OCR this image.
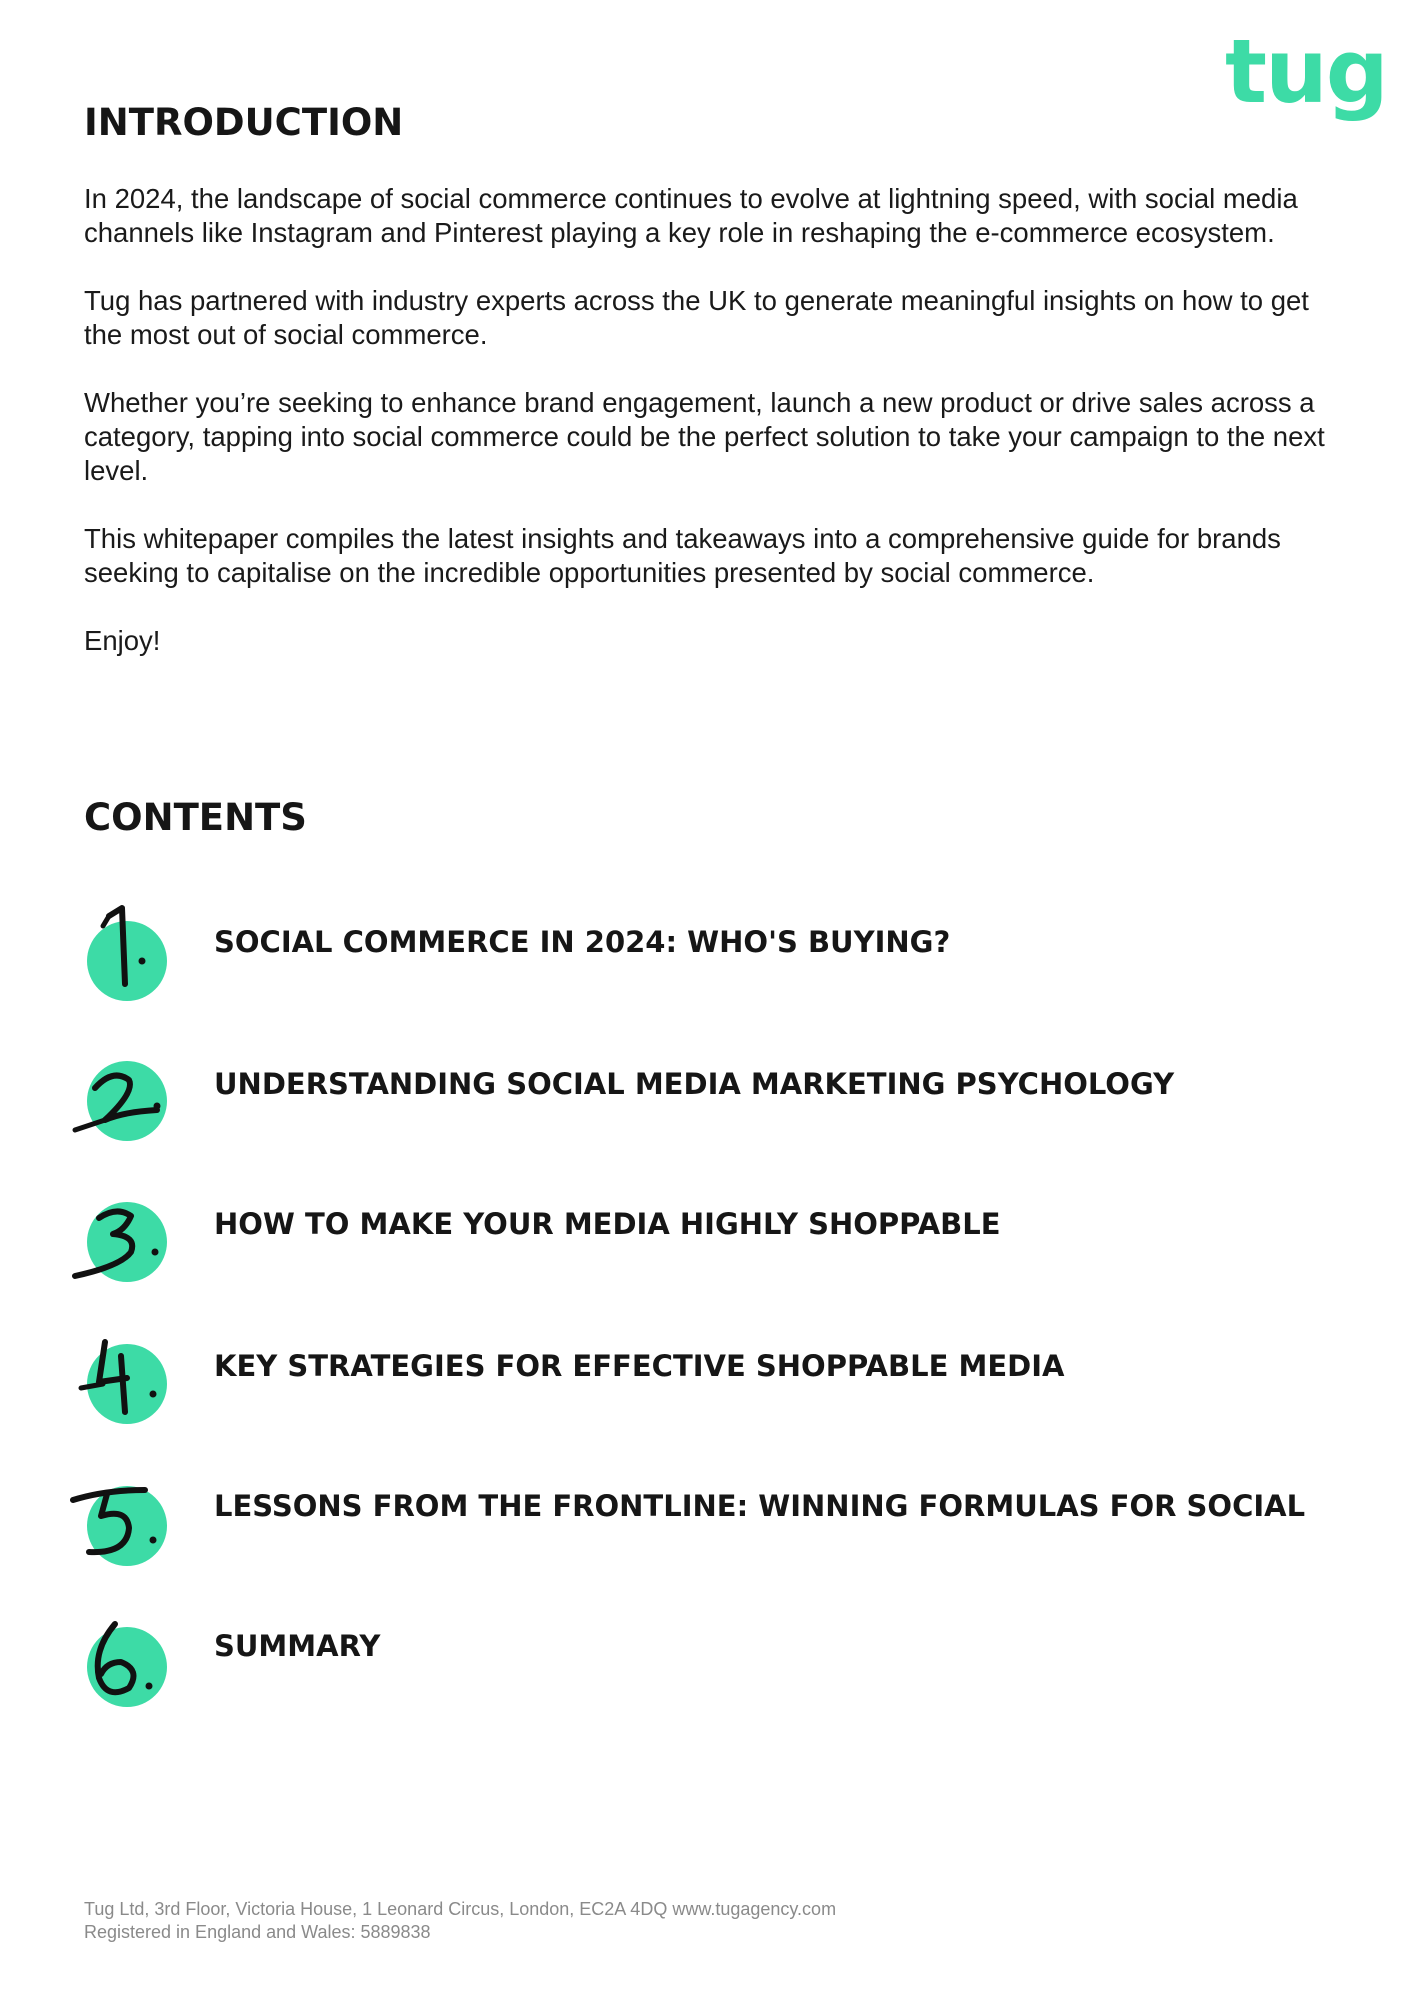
tug
INTRODUCTION

In 2024, the landscape of social commerce continues to evolve at lightning speed, with social media channels like Instagram and Pinterest playing a key role in reshaping the e-commerce ecosystem.

Tug has partnered with industry experts across the UK to generate meaningful insights on how to get the most out of social commerce.

Whether you’re seeking to enhance brand engagement, launch a new product or drive sales across a category, tapping into social commerce could be the perfect solution to take your campaign to the next level.

This whitepaper compiles the latest insights and takeaways into a comprehensive guide for brands seeking to capitalise on the incredible opportunities presented by social commerce.

Enjoy!

CONTENTS
SOCIAL COMMERCE IN 2024: WHO'S BUYING?
UNDERSTANDING SOCIAL MEDIA MARKETING PSYCHOLOGY
HOW TO MAKE YOUR MEDIA HIGHLY SHOPPABLE
KEY STRATEGIES FOR EFFECTIVE SHOPPABLE MEDIA
LESSONS FROM THE FRONTLINE: WINNING FORMULAS FOR SOCIAL
SUMMARY
Tug Ltd, 3rd Floor, Victoria House, 1 Leonard Circus, London, EC2A 4DQ www.tugagency.com
Registered in England and Wales: 5889838
